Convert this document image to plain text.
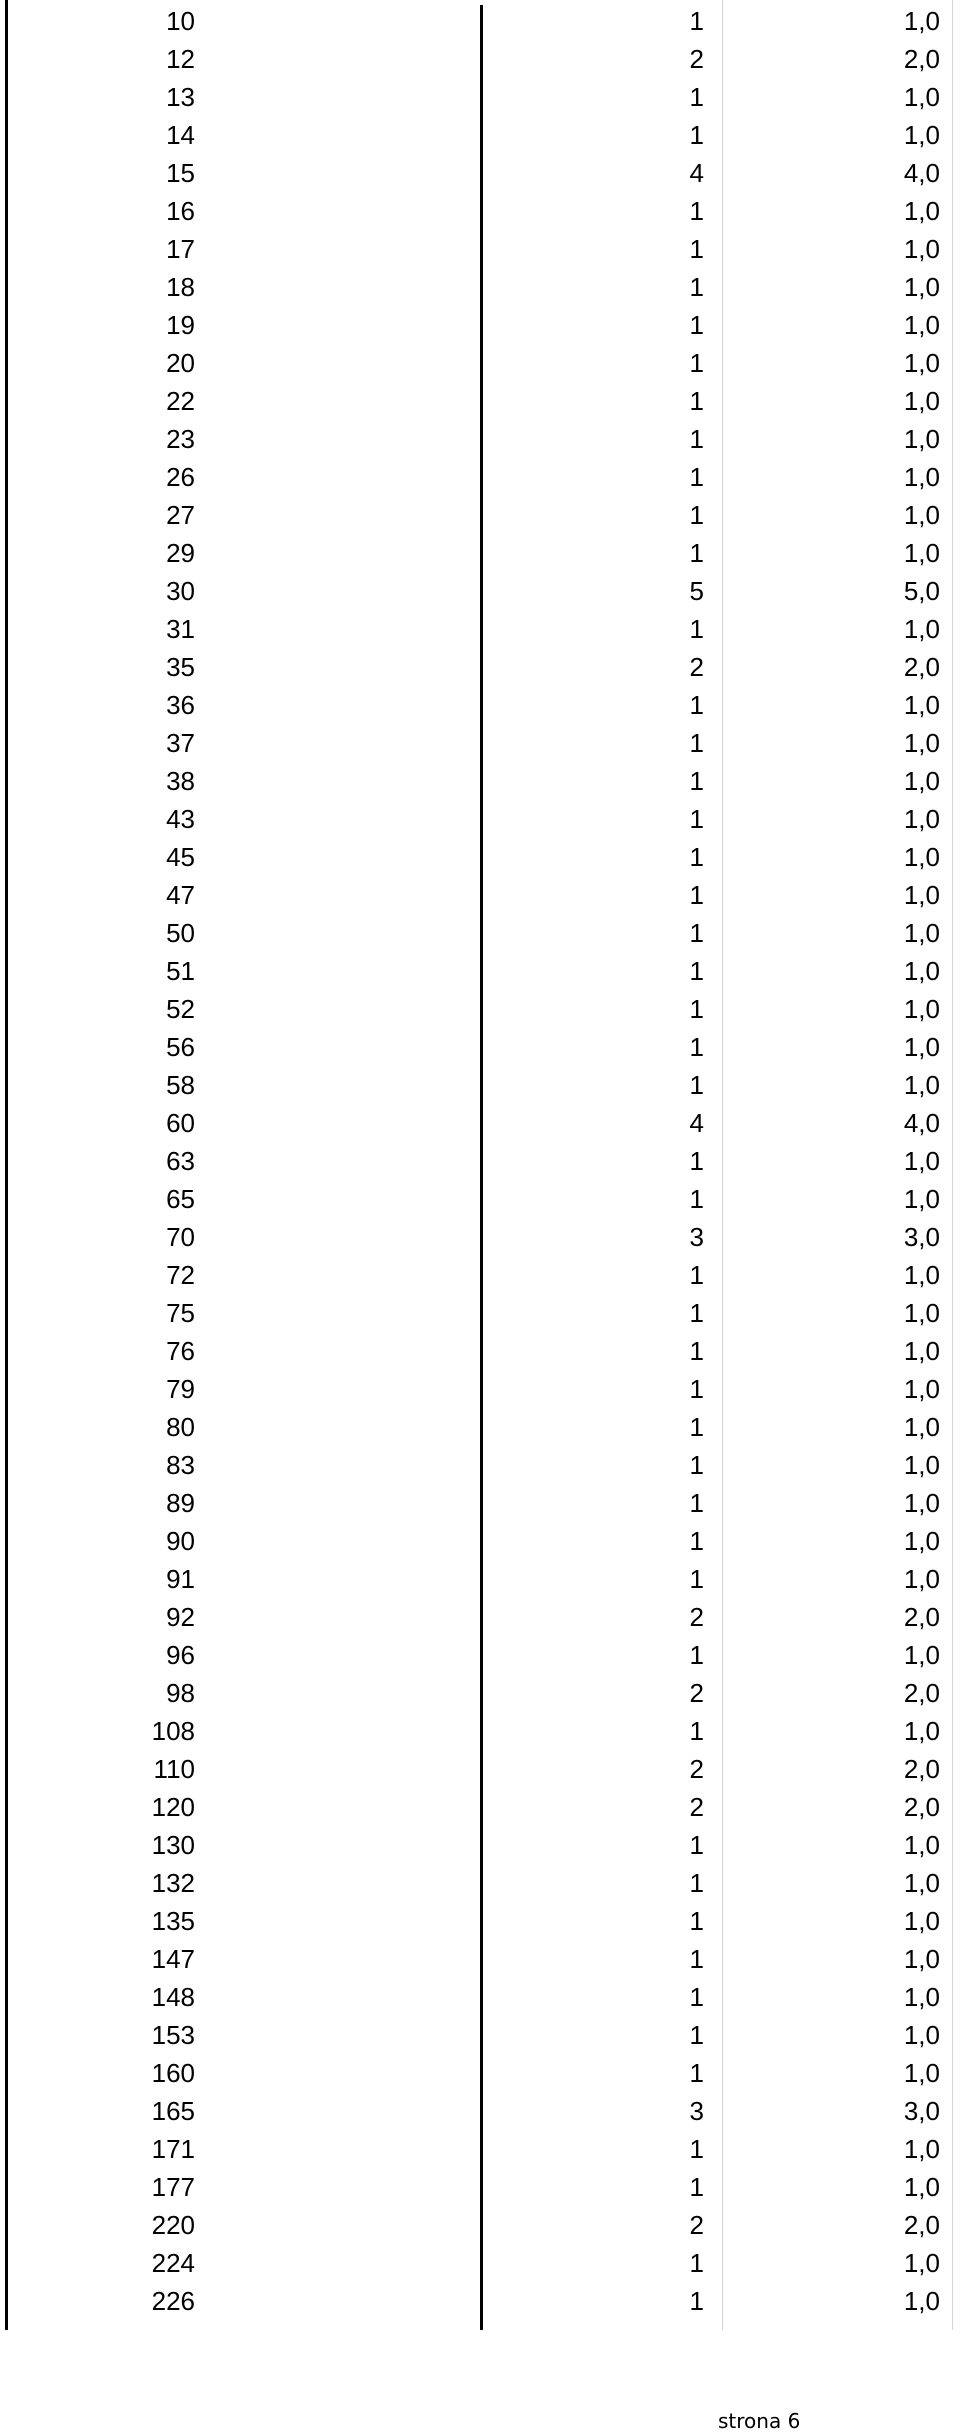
10	1	1,0
12	2	2,0
13	1	1,0
14	1	1,0
15	4	4,0
16	1	1,0
17	1	1,0
18	1	1,0
19	1	1,0
20	1	1,0
22	1	1,0
23	1	1,0
26	1	1,0
27	1	1,0
29	1	1,0
30	5	5,0
31	1	1,0
35	2	2,0
36	1	1,0
37	1	1,0
38	1	1,0
43	1	1,0
45	1	1,0
47	1	1,0
50	1	1,0
51	1	1,0
52	1	1,0
56	1	1,0
58	1	1,0
60	4	4,0
63	1	1,0
65	1	1,0
70	3	3,0
72	1	1,0
75	1	1,0
76	1	1,0
79	1	1,0
80	1	1,0
83	1	1,0
89	1	1,0
90	1	1,0
91	1	1,0
92	2	2,0
96	1	1,0
98	2	2,0
108	1	1,0
110	2	2,0
120	2	2,0
130	1	1,0
132	1	1,0
135	1	1,0
147	1	1,0
148	1	1,0
153	1	1,0
160	1	1,0
165	3	3,0
171	1	1,0
177	1	1,0
220	2	2,0
224	1	1,0
226	1	1,0
strona 6
